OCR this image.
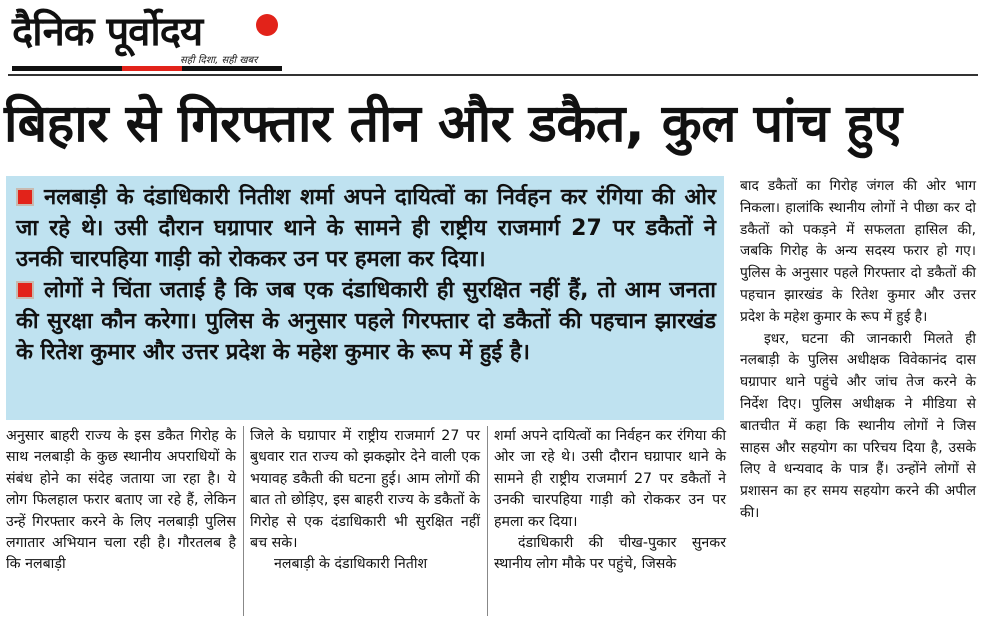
दैनिक पूर्वोदय
सही दिशा, सही खबर
बिहार से गिरफ्तार तीन और डकैत, कुल पांच हुए

नलबाड़ी के दंडाधिकारी नितीश शर्मा अपने दायित्वों का निर्वहन कर रंगिया की ओर जा रहे थे। उसी दौरान घग्रापार थाने के सामने ही राष्ट्रीय राजमार्ग 27 पर डकैतों ने उनकी चारपहिया गाड़ी को रोककर उन पर हमला कर दिया।

लोगों ने चिंता जताई है कि जब एक दंडाधिकारी ही सुरक्षित नहीं हैं, तो आम जनता की सुरक्षा कौन करेगा। पुलिस के अनुसार पहले गिरफ्तार दो डकैतों की पहचान झारखंड के रितेश कुमार और उत्तर प्रदेश के महेश कुमार के रूप में हुई है।

बाद डकैतों का गिरोह जंगल की ओर भाग निकला। हालांकि स्थानीय लोगों ने पीछा कर दो डकैतों को पकड़ने में सफलता हासिल की, जबकि गिरोह के अन्य सदस्य फरार हो गए। पुलिस के अनुसार पहले गिरफ्तार दो डकैतों की पहचान झारखंड के रितेश कुमार और उत्तर प्रदेश के महेश कुमार के रूप में हुई है।

इधर, घटना की जानकारी मिलते ही नलबाड़ी के पुलिस अधीक्षक विवेकानंद दास घग्रापार थाने पहुंचे और जांच तेज करने के निर्देश दिए। पुलिस अधीक्षक ने मीडिया से बातचीत में कहा कि स्थानीय लोगों ने जिस साहस और सहयोग का परिचय दिया है, उसके लिए वे धन्यवाद के पात्र हैं। उन्होंने लोगों से प्रशासन का हर समय सहयोग करने की अपील की।

अनुसार बाहरी राज्य के इस डकैत गिरोह के साथ नलबाड़ी के कुछ स्थानीय अपराधियों के संबंध होने का संदेह जताया जा रहा है। ये लोग फिलहाल फरार बताए जा रहे हैं, लेकिन उन्हें गिरफ्तार करने के लिए नलबाड़ी पुलिस लगातार अभियान चला रही है। गौरतलब है कि नलबाड़ी

जिले के घग्रापार में राष्ट्रीय राजमार्ग 27 पर बुधवार रात राज्य को झकझोर देने वाली एक भयावह डकैती की घटना हुई। आम लोगों की बात तो छोड़िए, इस बाहरी राज्य के डकैतों के गिरोह से एक दंडाधिकारी भी सुरक्षित नहीं बच सके।

नलबाड़ी के दंडाधिकारी नितीश

शर्मा अपने दायित्वों का निर्वहन कर रंगिया की ओर जा रहे थे। उसी दौरान घग्रापार थाने के सामने ही राष्ट्रीय राजमार्ग 27 पर डकैतों ने उनकी चारपहिया गाड़ी को रोककर उन पर हमला कर दिया।

दंडाधिकारी की चीख-पुकार सुनकर स्थानीय लोग मौके पर पहुंचे, जिसके
